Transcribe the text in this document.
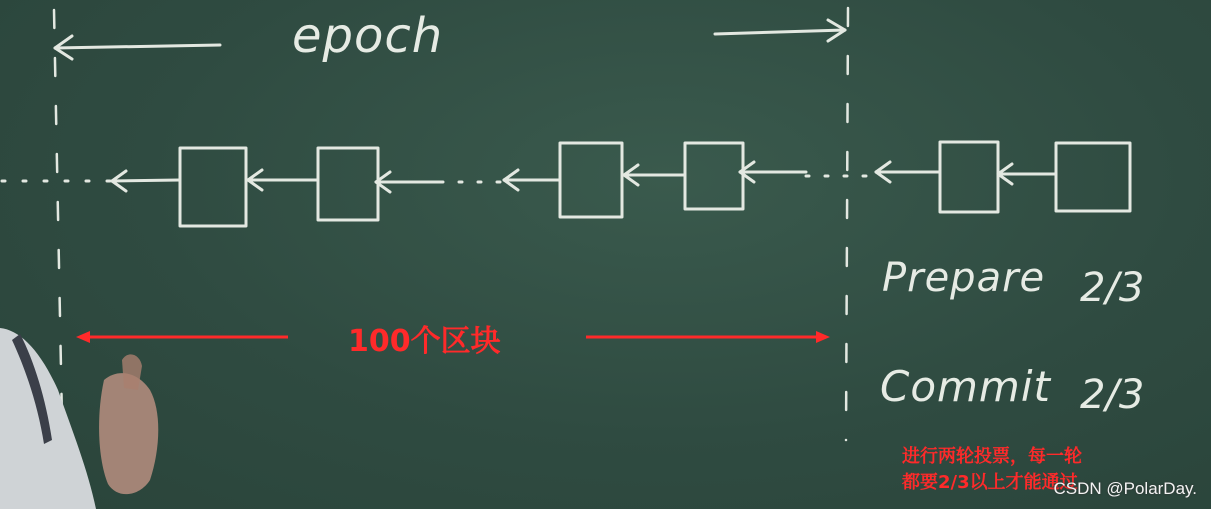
epoch
100个区块
Prepare 2/3
Commit 2/3
进行两轮投票，每一轮
都要2/3以上才能通过
CSDN @PolarDay.
